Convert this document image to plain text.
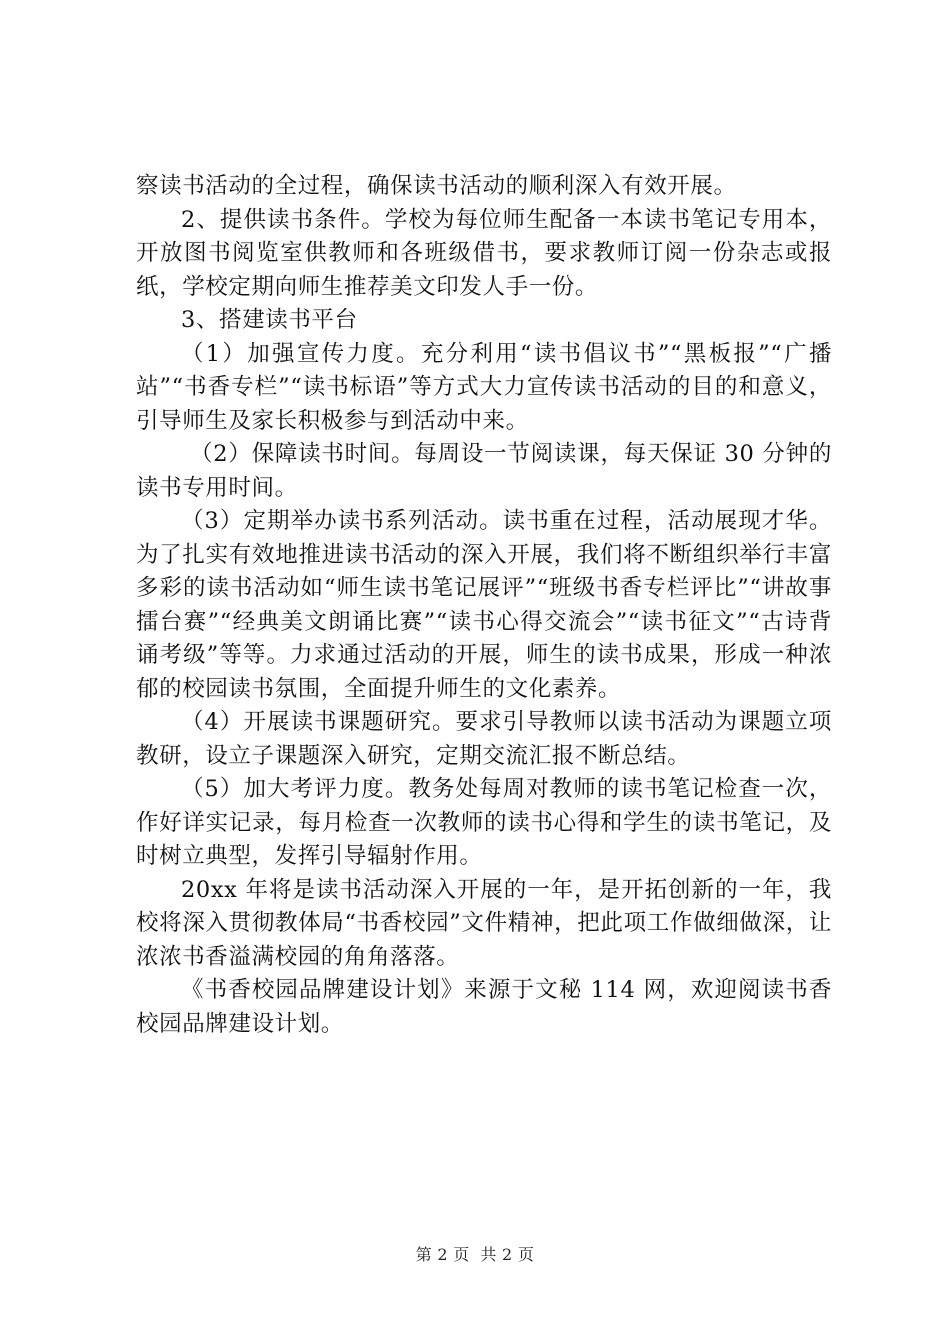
察读书活动的全过程，确保读书活动的顺利深入有效开展。

2、提供读书条件。学校为每位师生配备一本读书笔记专用本，开放图书阅览室供教师和各班级借书，要求教师订阅一份杂志或报纸，学校定期向师生推荐美文印发人手一份。

3、搭建读书平台

（1）加强宣传力度。充分利用“读书倡议书”“黑板报”“广播站”“书香专栏”“读书标语”等方式大力宣传读书活动的目的和意义，引导师生及家长积极参与到活动中来。

（2）保障读书时间。每周设一节阅读课，每天保证 30 分钟的读书专用时间。

（3）定期举办读书系列活动。读书重在过程，活动展现才华。为了扎实有效地推进读书活动的深入开展，我们将不断组织举行丰富多彩的读书活动如“师生读书笔记展评”“班级书香专栏评比”“讲故事擂台赛”“经典美文朗诵比赛”“读书心得交流会”“读书征文”“古诗背诵考级”等等。力求通过活动的开展，师生的读书成果，形成一种浓郁的校园读书氛围，全面提升师生的文化素养。

（4）开展读书课题研究。要求引导教师以读书活动为课题立项教研，设立子课题深入研究，定期交流汇报不断总结。

（5）加大考评力度。教务处每周对教师的读书笔记检查一次，作好详实记录，每月检查一次教师的读书心得和学生的读书笔记，及时树立典型，发挥引导辐射作用。

20xx 年将是读书活动深入开展的一年，是开拓创新的一年，我校将深入贯彻教体局“书香校园”文件精神，把此项工作做细做深，让浓浓书香溢满校园的角角落落。

《书香校园品牌建设计划》来源于文秘 114 网，欢迎阅读书香校园品牌建设计划。

第 2 页  共 2 页
